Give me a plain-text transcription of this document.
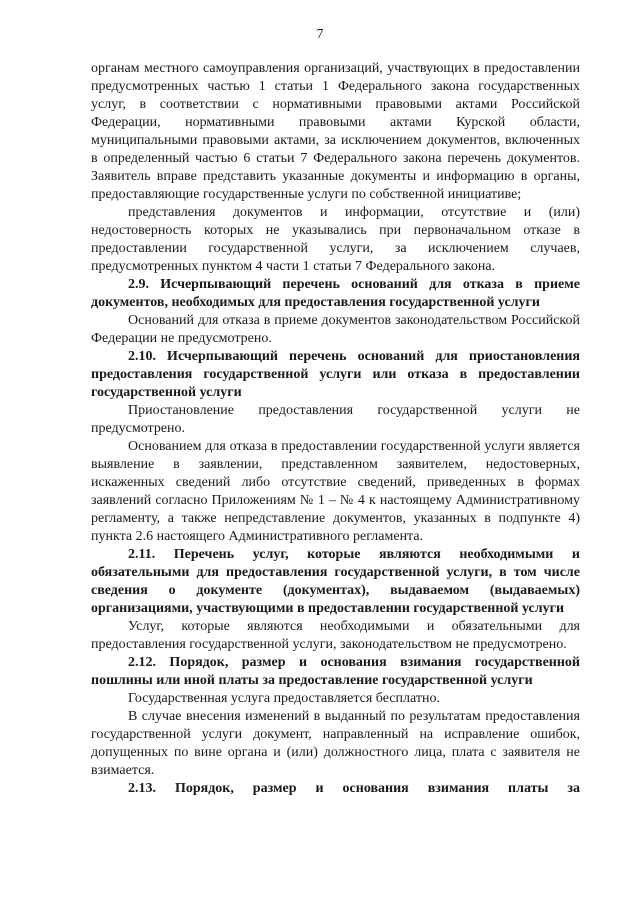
7

органам местного самоуправления организаций, участвующих в предоставлении предусмотренных частью 1 статьи 1 Федерального закона государственных услуг, в соответствии с нормативными правовыми актами Российской Федерации, нормативными правовыми актами Курской области, муниципальными правовыми актами, за исключением документов, включенных в определенный частью 6 статьи 7 Федерального закона перечень документов. Заявитель вправе представить указанные документы и информацию в органы, предоставляющие государственные услуги по собственной инициативе;

представления документов и информации, отсутствие и (или) недостоверность которых не указывались при первоначальном отказе в предоставлении государственной услуги, за исключением случаев, предусмотренных пунктом 4 части 1 статьи 7 Федерального закона.

2.9. Исчерпывающий перечень оснований для отказа в приеме документов, необходимых для предоставления государственной услуги

Оснований для отказа в приеме документов законодательством Российской Федерации не предусмотрено.

2.10. Исчерпывающий перечень оснований для приостановления предоставления государственной услуги или отказа в предоставлении государственной услуги

Приостановление предоставления государственной услуги не предусмотрено.

Основанием для отказа в предоставлении государственной услуги является выявление в заявлении, представленном заявителем, недостоверных, искаженных сведений либо отсутствие сведений, приведенных в формах заявлений согласно Приложениям № 1 – № 4 к настоящему Административному регламенту, а также непредставление документов, указанных в подпункте 4) пункта 2.6 настоящего Административного регламента.

2.11. Перечень услуг, которые являются необходимыми и обязательными для предоставления государственной услуги, в том числе сведения о документе (документах), выдаваемом (выдаваемых) организациями, участвующими в предоставлении государственной услуги

Услуг, которые являются необходимыми и обязательными для предоставления государственной услуги, законодательством не предусмотрено.

2.12. Порядок, размер и основания взимания государственной пошлины или иной платы за предоставление государственной услуги

Государственная услуга предоставляется бесплатно.

В случае внесения изменений в выданный по результатам предоставления государственной услуги документ, направленный на исправление ошибок, допущенных по вине органа и (или) должностного лица, плата с заявителя не взимается.

2.13. Порядок, размер и основания взимания платы за
